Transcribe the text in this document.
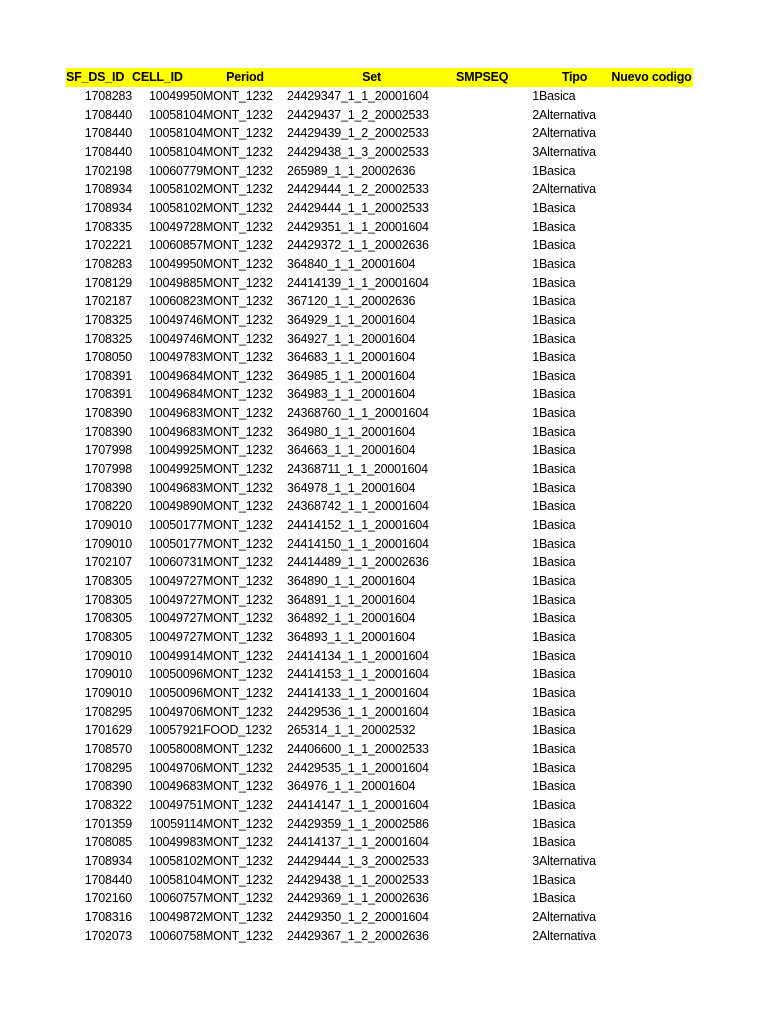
SF_DS_ID	CELL_ID	Period	Set	SMPSEQ	Tipo	Nuevo codigo
1708283	10049950	MONT_1232	24429347_1_1_20001604	1	Basica	
1708440	10058104	MONT_1232	24429437_1_2_20002533	2	Alternativa	
1708440	10058104	MONT_1232	24429439_1_2_20002533	2	Alternativa	
1708440	10058104	MONT_1232	24429438_1_3_20002533	3	Alternativa	
1702198	10060779	MONT_1232	265989_1_1_20002636	1	Basica	
1708934	10058102	MONT_1232	24429444_1_2_20002533	2	Alternativa	
1708934	10058102	MONT_1232	24429444_1_1_20002533	1	Basica	
1708335	10049728	MONT_1232	24429351_1_1_20001604	1	Basica	
1702221	10060857	MONT_1232	24429372_1_1_20002636	1	Basica	
1708283	10049950	MONT_1232	364840_1_1_20001604	1	Basica	
1708129	10049885	MONT_1232	24414139_1_1_20001604	1	Basica	
1702187	10060823	MONT_1232	367120_1_1_20002636	1	Basica	
1708325	10049746	MONT_1232	364929_1_1_20001604	1	Basica	
1708325	10049746	MONT_1232	364927_1_1_20001604	1	Basica	
1708050	10049783	MONT_1232	364683_1_1_20001604	1	Basica	
1708391	10049684	MONT_1232	364985_1_1_20001604	1	Basica	
1708391	10049684	MONT_1232	364983_1_1_20001604	1	Basica	
1708390	10049683	MONT_1232	24368760_1_1_20001604	1	Basica	
1708390	10049683	MONT_1232	364980_1_1_20001604	1	Basica	
1707998	10049925	MONT_1232	364663_1_1_20001604	1	Basica	
1707998	10049925	MONT_1232	24368711_1_1_20001604	1	Basica	
1708390	10049683	MONT_1232	364978_1_1_20001604	1	Basica	
1708220	10049890	MONT_1232	24368742_1_1_20001604	1	Basica	
1709010	10050177	MONT_1232	24414152_1_1_20001604	1	Basica	
1709010	10050177	MONT_1232	24414150_1_1_20001604	1	Basica	
1702107	10060731	MONT_1232	24414489_1_1_20002636	1	Basica	
1708305	10049727	MONT_1232	364890_1_1_20001604	1	Basica	
1708305	10049727	MONT_1232	364891_1_1_20001604	1	Basica	
1708305	10049727	MONT_1232	364892_1_1_20001604	1	Basica	
1708305	10049727	MONT_1232	364893_1_1_20001604	1	Basica	
1709010	10049914	MONT_1232	24414134_1_1_20001604	1	Basica	
1709010	10050096	MONT_1232	24414153_1_1_20001604	1	Basica	
1709010	10050096	MONT_1232	24414133_1_1_20001604	1	Basica	
1708295	10049706	MONT_1232	24429536_1_1_20001604	1	Basica	
1701629	10057921	FOOD_1232	265314_1_1_20002532	1	Basica	
1708570	10058008	MONT_1232	24406600_1_1_20002533	1	Basica	
1708295	10049706	MONT_1232	24429535_1_1_20001604	1	Basica	
1708390	10049683	MONT_1232	364976_1_1_20001604	1	Basica	
1708322	10049751	MONT_1232	24414147_1_1_20001604	1	Basica	
1701359	10059114	MONT_1232	24429359_1_1_20002586	1	Basica	
1708085	10049983	MONT_1232	24414137_1_1_20001604	1	Basica	
1708934	10058102	MONT_1232	24429444_1_3_20002533	3	Alternativa	
1708440	10058104	MONT_1232	24429438_1_1_20002533	1	Basica	
1702160	10060757	MONT_1232	24429369_1_1_20002636	1	Basica	
1708316	10049872	MONT_1232	24429350_1_2_20001604	2	Alternativa	
1702073	10060758	MONT_1232	24429367_1_2_20002636	2	Alternativa	
